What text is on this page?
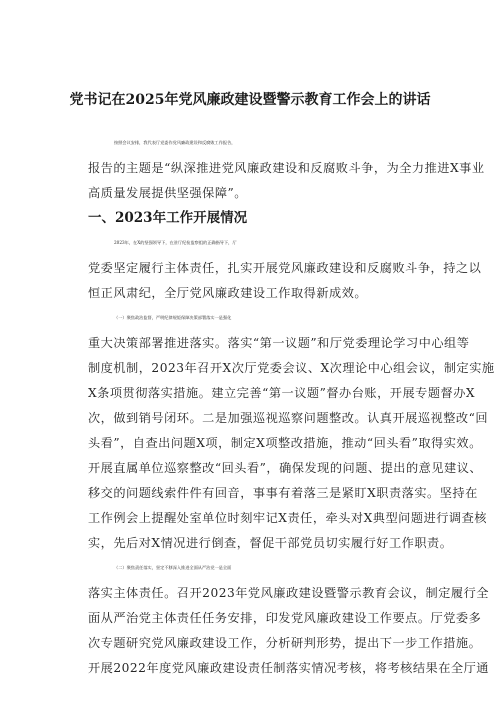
党书记在2025年党风廉政建设暨警示教育工作会上的讲话
按照会议安排，我代表厅党委作党风廉政建设和反腐败工作报告，
报告的主题是“纵深推进党风廉政建设和反腐败斗争，为全力推进X事业
高质量发展提供坚强保障”。
一、2023年工作开展情况
2023年，在X的坚强领导下，在驻厅纪检监察组的正确指导下，厅
党委坚定履行主体责任，扎实开展党风廉政建设和反腐败斗争，持之以
恒正风肃纪，全厅党风廉政建设工作取得新成效。
（一）聚焦政治监督，严明纪律规矩保障决策部署落实一是强化
重大决策部署推进落实。落实“第一议题”和厅党委理论学习中心组等
制度机制，2023年召开X次厅党委会议、X次理论中心组会议，制定实施
X条项贯彻落实措施。建立完善“第一议题”督办台账，开展专题督办X
次，做到销号闭环。二是加强巡视巡察问题整改。认真开展巡视整改“回
头看”，自查出问题X项，制定X项整改措施，推动“回头看”取得实效。
开展直属单位巡察整改“回头看”，确保发现的问题、提出的意见建议、
移交的问题线索件件有回音，事事有着落三是紧盯X职责落实。坚持在
工作例会上提醒处室单位时刻牢记X责任，牵头对X典型问题进行调查核
实，先后对X情况进行倒查，督促干部党员切实履行好工作职责。
（二）聚焦责任落实，坚定不移深入推进全面从严治党一是全面
落实主体责任。召开2023年党风廉政建设暨警示教育会议，制定履行全
面从严治党主体责任任务安排，印发党风廉政建设工作要点。厅党委多
次专题研究党风廉政建设工作，分析研判形势，提出下一步工作措施。
开展2022年度党风廉政建设责任制落实情况考核，将考核结果在全厅通
